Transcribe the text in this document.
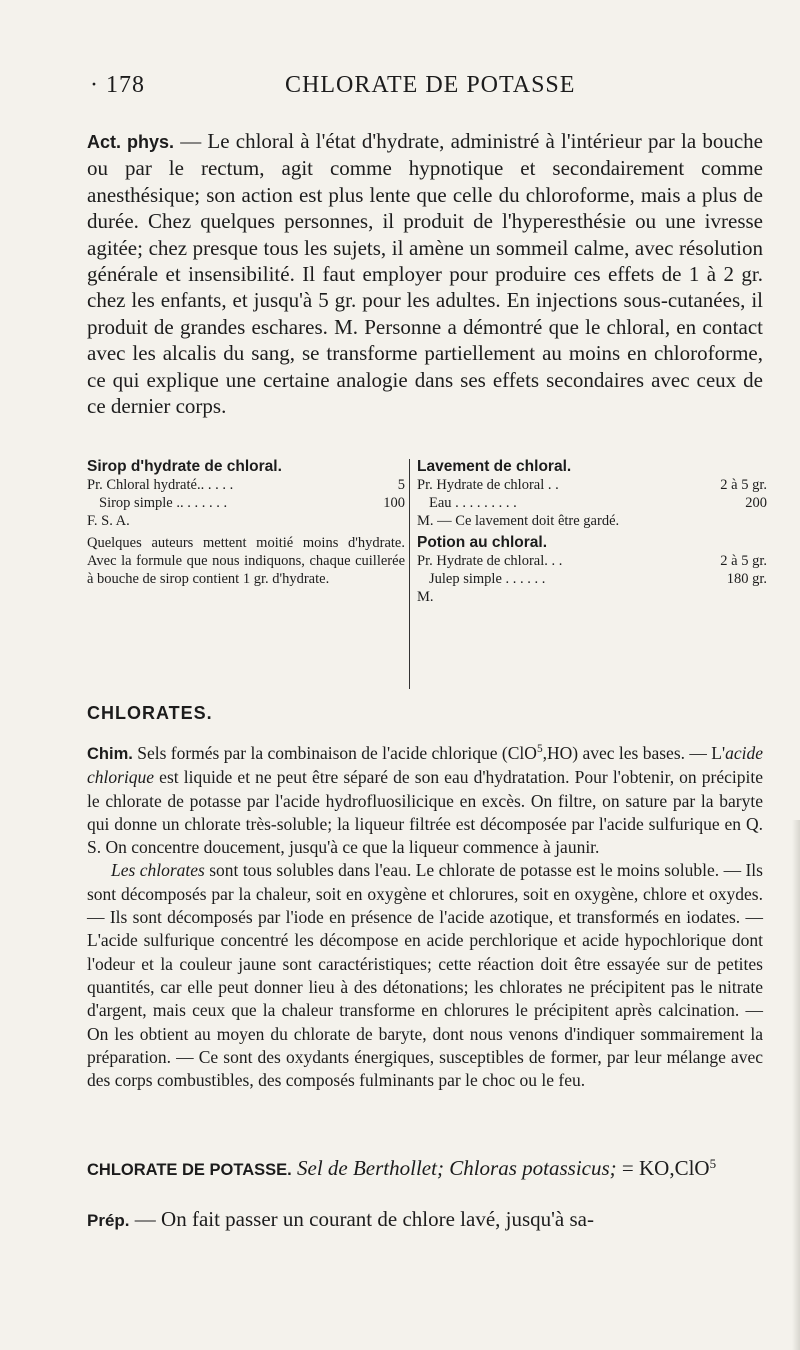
· 178	CHLORATE DE POTASSE

Act. phys. — Le chloral à l'état d'hydrate, administré à l'intérieur par la bouche ou par le rectum, agit comme hypnotique et secondairement comme anesthésique; son action est plus lente que celle du chloroforme, mais a plus de durée. Chez quelques personnes, il produit de l'hyperesthésie ou une ivresse agitée; chez presque tous les sujets, il amène un sommeil calme, avec résolution générale et insensibilité. Il faut employer pour produire ces effets de 1 à 2 gr. chez les enfants, et jusqu'à 5 gr. pour les adultes. En injections sous-cutanées, il produit de grandes eschares. M. Personne a démontré que le chloral, en contact avec les alcalis du sang, se transforme partiellement au moins en chloroforme, ce qui explique une certaine analogie dans ses effets secondaires avec ceux de ce dernier corps.

Sirop d'hydrate de chloral.
Pr. Chloral hydraté.. . . . .	5
Sirop simple .. . . . . . .	100
F. S. A.
Quelques auteurs mettent moitié moins d'hydrate. Avec la formule que nous indiquons, chaque cuillerée à bouche de sirop contient 1 gr. d'hydrate.
Lavement de chloral.
Pr. Hydrate de chloral . .	2 à 5 gr.
Eau . . . . . . . . .	200
M. — Ce lavement doit être gardé.
Potion au chloral.
Pr. Hydrate de chloral. . .	2 à 5 gr.
Julep simple . . . . . .	180 gr.
M.
CHLORATES.

Chim. Sels formés par la combinaison de l'acide chlorique (ClO$^5$,HO) avec les bases. — L'acide chlorique est liquide et ne peut être séparé de son eau d'hydratation. Pour l'obtenir, on précipite le chlorate de potasse par l'acide hydrofluosilicique en excès. On filtre, on sature par la baryte qui donne un chlorate très-soluble; la liqueur filtrée est décomposée par l'acide sulfurique en Q. S. On concentre doucement, jusqu'à ce que la liqueur commence à jaunir.
Les chlorates sont tous solubles dans l'eau. Le chlorate de potasse est le moins soluble. — Ils sont décomposés par la chaleur, soit en oxygène et chlorures, soit en oxygène, chlore et oxydes. — Ils sont décomposés par l'iode en présence de l'acide azotique, et transformés en iodates. — L'acide sulfurique concentré les décompose en acide perchlorique et acide hypochlorique dont l'odeur et la couleur jaune sont caractéristiques; cette réaction doit être essayée sur de petites quantités, car elle peut donner lieu à des détonations; les chlorates ne précipitent pas le nitrate d'argent, mais ceux que la chaleur transforme en chlorures le précipitent après calcination. — On les obtient au moyen du chlorate de baryte, dont nous venons d'indiquer sommairement la préparation. — Ce sont des oxydants énergiques, susceptibles de former, par leur mélange avec des corps combustibles, des composés fulminants par le choc ou le feu.

CHLORATE DE POTASSE. Sel de Berthollet; Chloras potassicus; = KO,ClO$^5$

Prép. — On fait passer un courant de chlore lavé, jusqu'à sa-
